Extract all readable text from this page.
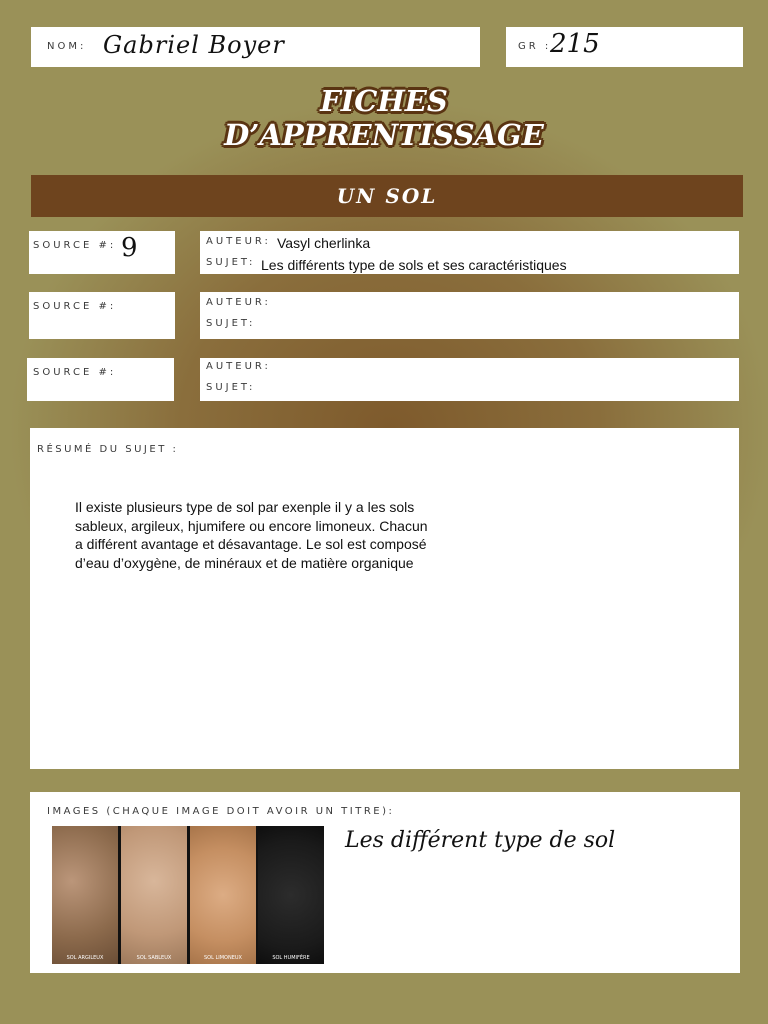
NOM: Gabriel Boyer	GR :
215
FICHES
D’APPRENTISSAGE
UN SOL
SOURCE #: 9	AUTEUR: Vasyl cherlinka
SUJET: Les différents type de sols et ses caractéristiques
SOURCE #:	AUTEUR:
SUJET:
SOURCE #:
AUTEUR:
SUJET:
RÉSUMÉ DU SUJET :
Il existe plusieurs type de sol par exenple il y a les sols sableux, argileux, hjumifere ou encore limoneux. Chacun a différent avantage et désavantage. Le sol est composé d’eau d’oxygène, de minéraux et de matière organique
IMAGES (CHAQUE IMAGE DOIT AVOIR UN TITRE):
Les différent type de sol
SOL ARGILEUX	SOL SABLEUX	SOL LIMONEUX	SOL HUMIFÈRE
